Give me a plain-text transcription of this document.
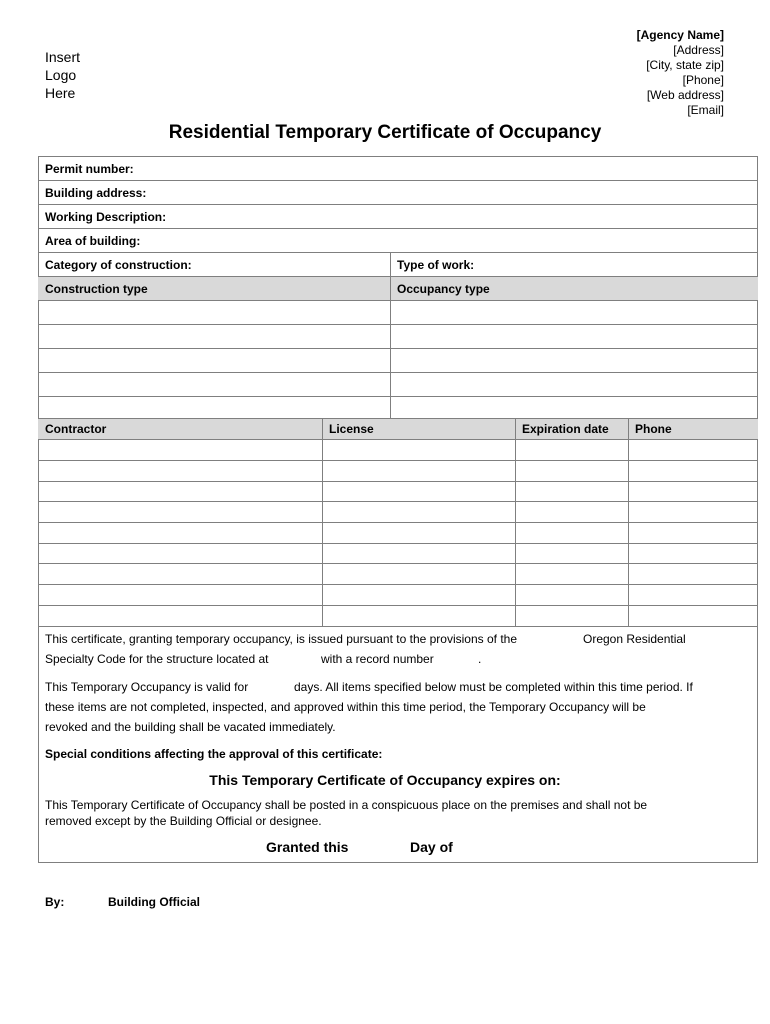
Insert
Logo
Here
[Agency Name]
[Address]
[City, state zip]
[Phone]
[Web address]
[Email]
Residential Temporary Certificate of Occupancy
Permit number:
Building address:
Working Description:
Area of building:
Category of construction:	Type of work:
Construction type	Occupancy type
Contractor	License	Expiration date	Phone
This certificate, granting temporary occupancy, is issued pursuant to the provisions of the	Oregon Residential
Specialty Code for the structure located at	with a record number	.
This Temporary Occupancy is valid for	days. All items specified below must be completed within this time period. If
these items are not completed, inspected, and approved within this time period, the Temporary Occupancy will be
revoked and the building shall be vacated immediately.
Special conditions affecting the approval of this certificate:
This Temporary Certificate of Occupancy expires on:
This Temporary Certificate of Occupancy shall be posted in a conspicuous place on the premises and shall not be
removed except by the Building Official or designee.
Granted this	Day of
By:	Building Official
